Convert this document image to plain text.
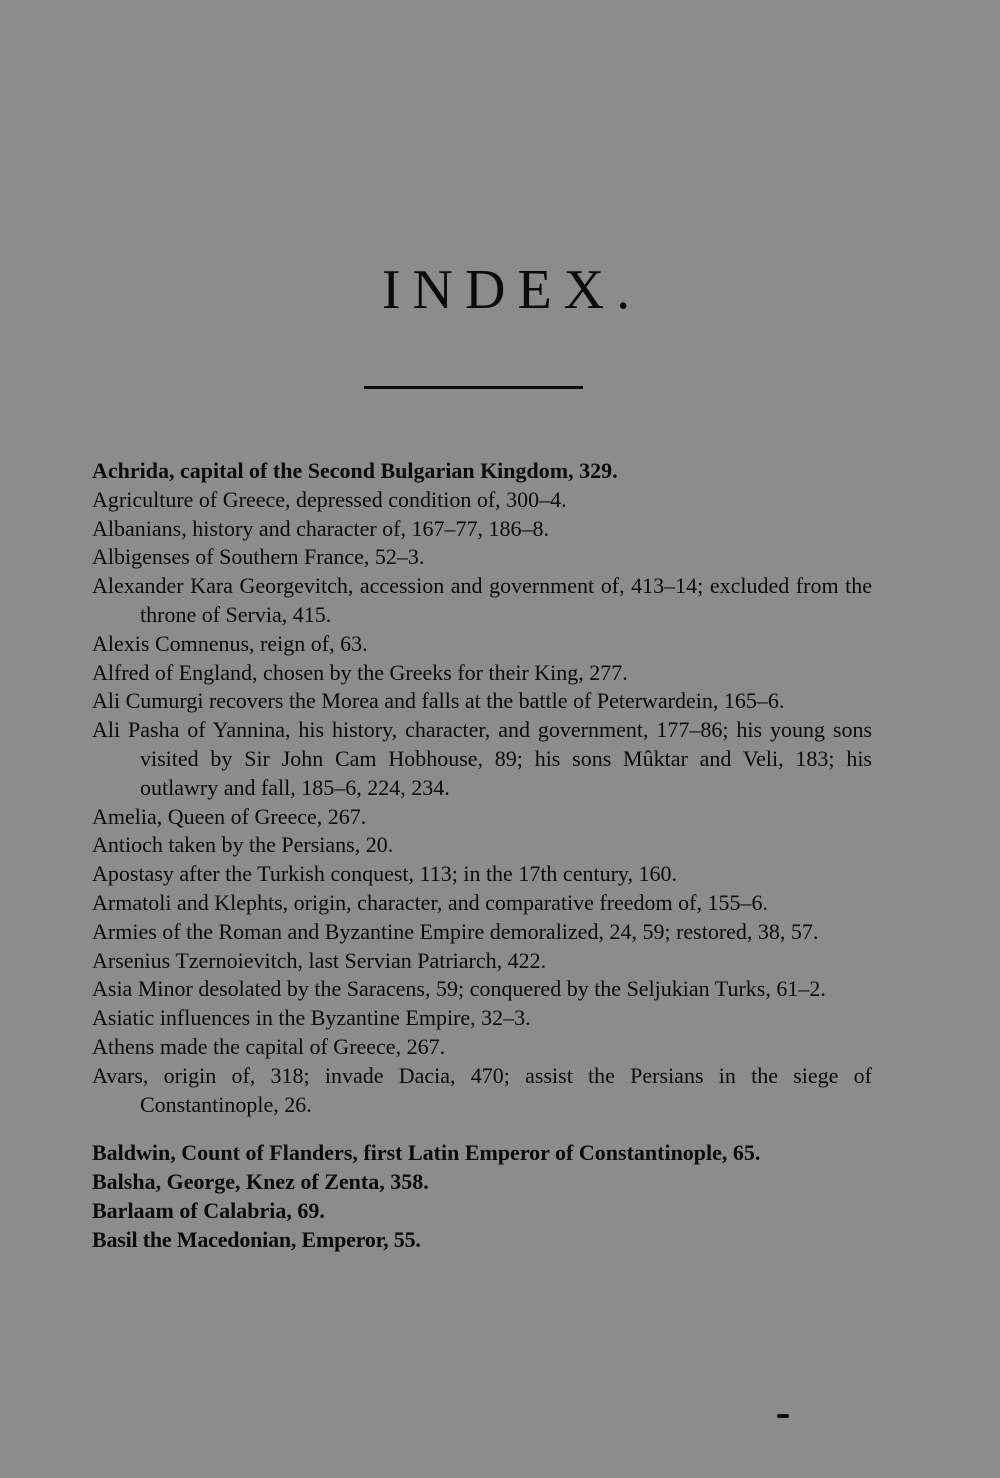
INDEX.
Achrida, capital of the Second Bulgarian Kingdom, 329.
Agriculture of Greece, depressed condition of, 300–4.
Albanians, history and character of, 167–77, 186–8.
Albigenses of Southern France, 52–3.
Alexander Kara Georgevitch, accession and government of, 413–14; excluded from the throne of Servia, 415.
Alexis Comnenus, reign of, 63.
Alfred of England, chosen by the Greeks for their King, 277.
Ali Cumurgi recovers the Morea and falls at the battle of Peterwardein, 165–6.
Ali Pasha of Yannina, his history, character, and government, 177–86; his young sons visited by Sir John Cam Hobhouse, 89; his sons Mûktar and Veli, 183; his outlawry and fall, 185–6, 224, 234.
Amelia, Queen of Greece, 267.
Antioch taken by the Persians, 20.
Apostasy after the Turkish conquest, 113; in the 17th century, 160.
Armatoli and Klephts, origin, character, and comparative freedom of, 155–6.
Armies of the Roman and Byzantine Empire demoralized, 24, 59; restored, 38, 57.
Arsenius Tzernoievitch, last Servian Patriarch, 422.
Asia Minor desolated by the Saracens, 59; conquered by the Seljukian Turks, 61–2.
Asiatic influences in the Byzantine Empire, 32–3.
Athens made the capital of Greece, 267.
Avars, origin of, 318; invade Dacia, 470; assist the Persians in the siege of Constantinople, 26.
Baldwin, Count of Flanders, first Latin Emperor of Constantinople, 65.
Balsha, George, Knez of Zenta, 358.
Barlaam of Calabria, 69.
Basil the Macedonian, Emperor, 55.
